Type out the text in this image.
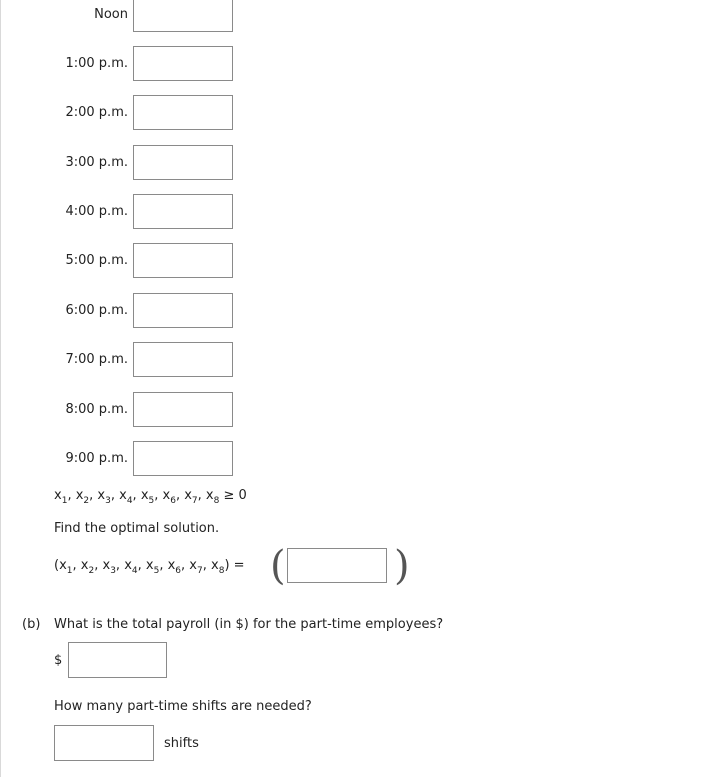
Noon
1:00 p.m.
2:00 p.m.
3:00 p.m.
4:00 p.m.
5:00 p.m.
6:00 p.m.
7:00 p.m.
8:00 p.m.
9:00 p.m.
$x_1$, $x_2$, $x_3$, $x_4$, $x_5$, $x_6$, $x_7$, $x_8 \ge 0$
Find the optimal solution.
($x_1$, $x_2$, $x_3$, $x_4$, $x_5$, $x_6$, $x_7$, $x_8$) = (	)
(b) What is the total payroll (in $) for the part-time employees?
$
How many part-time shifts are needed?
shifts
